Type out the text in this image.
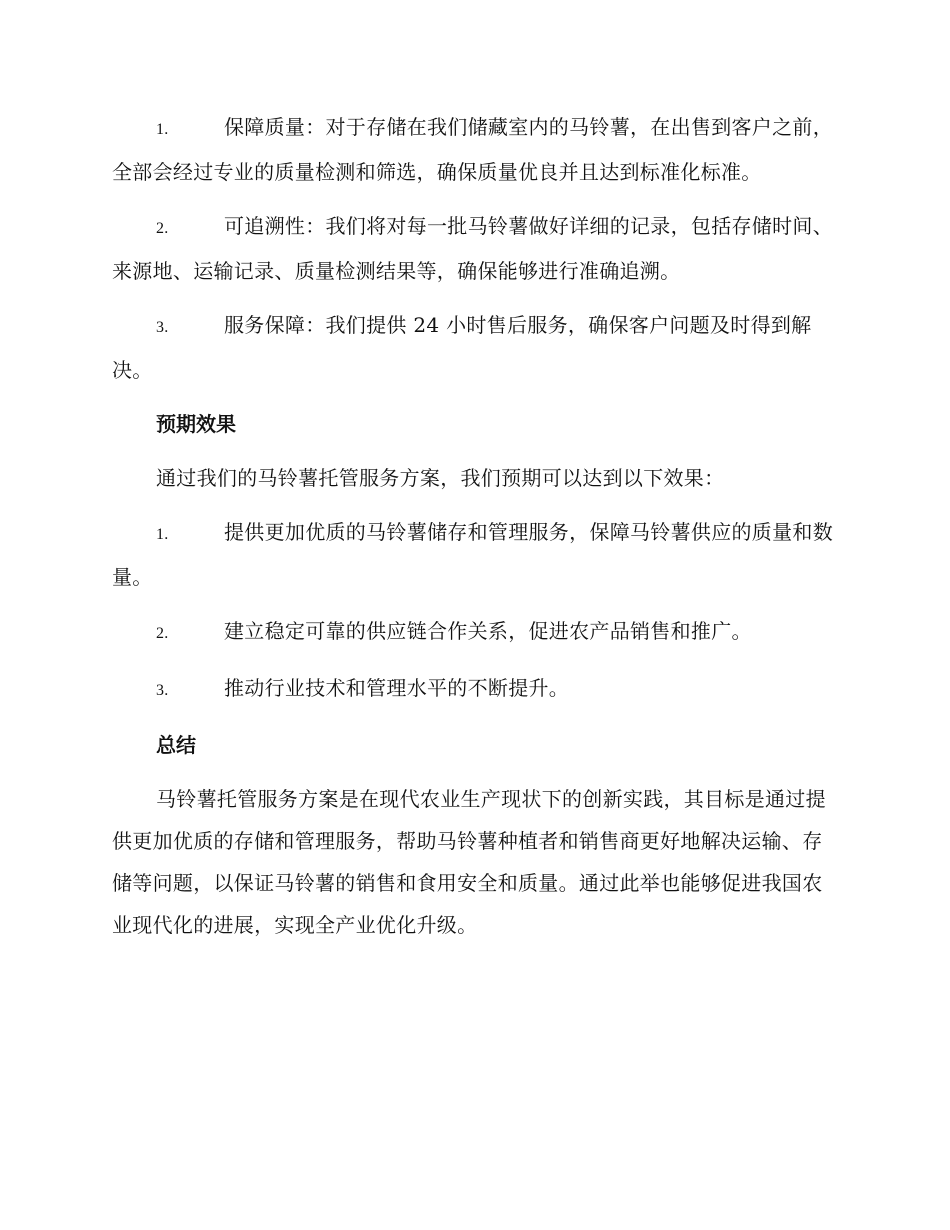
1.	保障质量：对于存储在我们储藏室内的马铃薯，在出售到客户之前，全部会经过专业的质量检测和筛选，确保质量优良并且达到标准化标准。

2.	可追溯性：我们将对每一批马铃薯做好详细的记录，包括存储时间、来源地、运输记录、质量检测结果等，确保能够进行准确追溯。

3.	服务保障：我们提供 24 小时售后服务，确保客户问题及时得到解决。

预期效果

通过我们的马铃薯托管服务方案，我们预期可以达到以下效果：

1.	提供更加优质的马铃薯储存和管理服务，保障马铃薯供应的质量和数量。

2.	建立稳定可靠的供应链合作关系，促进农产品销售和推广。

3.	推动行业技术和管理水平的不断提升。

总结

马铃薯托管服务方案是在现代农业生产现状下的创新实践，其目标是通过提供更加优质的存储和管理服务，帮助马铃薯种植者和销售商更好地解决运输、存储等问题，以保证马铃薯的销售和食用安全和质量。通过此举也能够促进我国农业现代化的进展，实现全产业优化升级。
